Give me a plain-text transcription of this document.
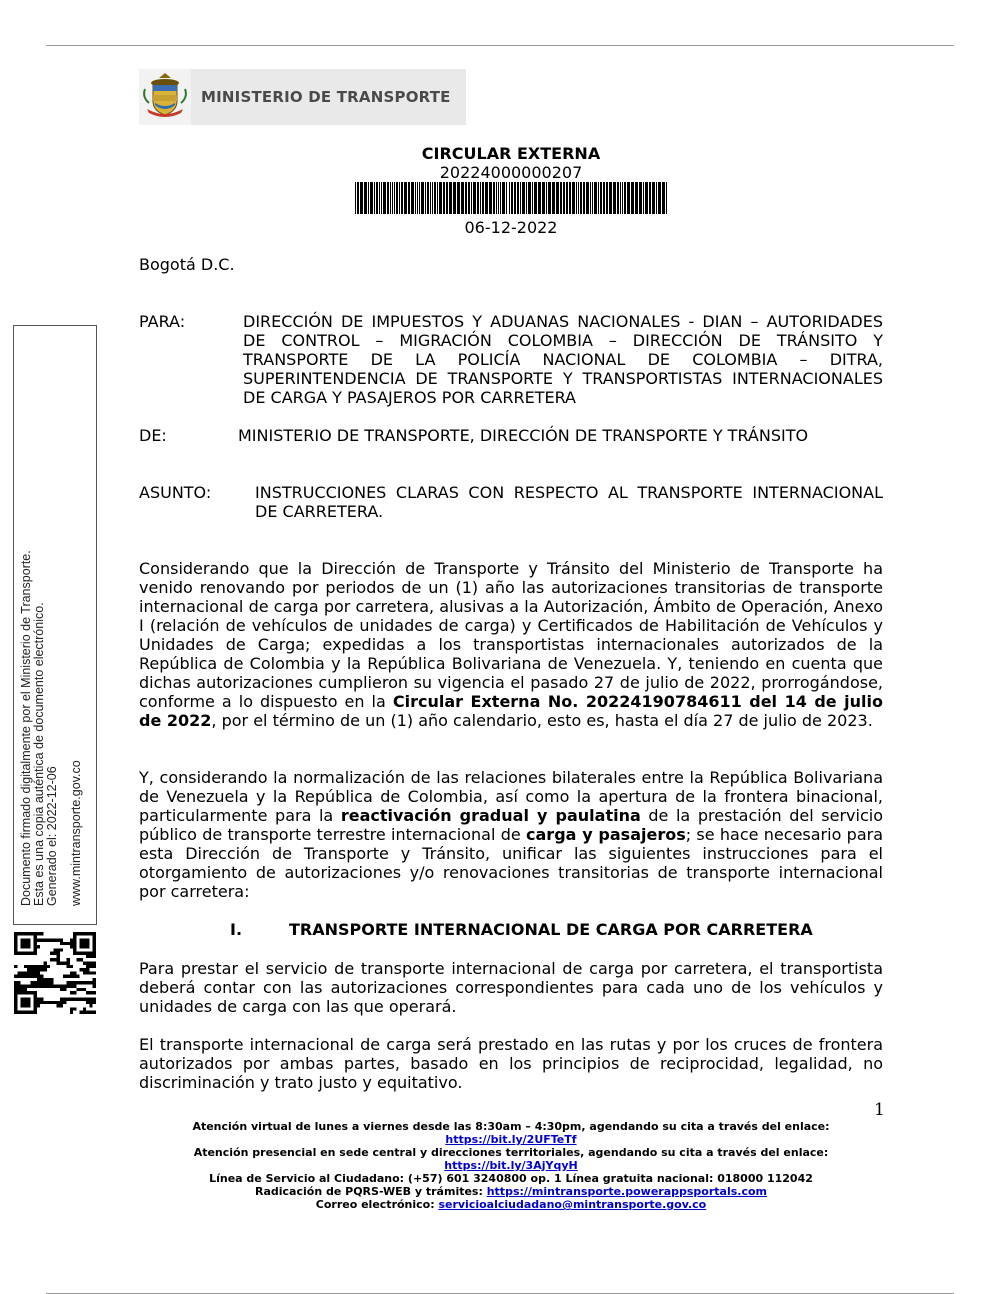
MINISTERIO DE TRANSPORTE
CIRCULAR EXTERNA
20224000000207
06-12-2022
Bogotá D.C.
PARA:	DIRECCIÓN DE IMPUESTOS Y ADUANAS NACIONALES - DIAN – AUTORIDADES DE CONTROL – MIGRACIÓN COLOMBIA – DIRECCIÓN DE TRÁNSITO Y TRANSPORTE DE LA POLICÍA NACIONAL DE COLOMBIA – DITRA, SUPERINTENDENCIA DE TRANSPORTE Y TRANSPORTISTAS INTERNACIONALES DE CARGA Y PASAJEROS POR CARRETERA
DE:	MINISTERIO DE TRANSPORTE, DIRECCIÓN DE TRANSPORTE Y TRÁNSITO
ASUNTO:	INSTRUCCIONES CLARAS CON RESPECTO AL TRANSPORTE INTERNACIONAL DE CARRETERA.
Considerando que la Dirección de Transporte y Tránsito del Ministerio de Transporte ha venido renovando por periodos de un (1) año las autorizaciones transitorias de transporte internacional de carga por carretera, alusivas a la Autorización, Ámbito de Operación, Anexo I (relación de vehículos de unidades de carga) y Certificados de Habilitación de Vehículos y Unidades de Carga; expedidas a los transportistas internacionales autorizados de la República de Colombia y la República Bolivariana de Venezuela. Y, teniendo en cuenta que dichas autorizaciones cumplieron su vigencia el pasado 27 de julio de 2022, prorrogándose, conforme a lo dispuesto en la Circular Externa No. 20224190784611 del 14 de julio de 2022, por el término de un (1) año calendario, esto es, hasta el día 27 de julio de 2023.
Y, considerando la normalización de las relaciones bilaterales entre la República Bolivariana de Venezuela y la República de Colombia, así como la apertura de la frontera binacional, particularmente para la reactivación gradual y paulatina de la prestación del servicio público de transporte terrestre internacional de carga y pasajeros; se hace necesario para esta Dirección de Transporte y Tránsito, unificar las siguientes instrucciones para el otorgamiento de autorizaciones y/o renovaciones transitorias de transporte internacional por carretera:
I.	TRANSPORTE INTERNACIONAL DE CARGA POR CARRETERA
Para prestar el servicio de transporte internacional de carga por carretera, el transportista deberá contar con las autorizaciones correspondientes para cada uno de los vehículos y unidades de carga con las que operará.
El transporte internacional de carga será prestado en las rutas y por los cruces de frontera autorizados por ambas partes, basado en los principios de reciprocidad, legalidad, no discriminación y trato justo y equitativo.
Documento firmado digitalmente por el Ministerio de Transporte. Esta es una copia auténtica de documento electrónico. Generado el: 2022-12-06 www.mintransporte.gov.co
1
Atención virtual de lunes a viernes desde las 8:30am – 4:30pm, agendando su cita a través del enlace:
https://bit.ly/2UFTeTf
Atención presencial en sede central y direcciones territoriales, agendando su cita a través del enlace:
https://bit.ly/3AjYqyH
Línea de Servicio al Ciudadano: (+57) 601 3240800 op. 1 Línea gratuita nacional: 018000 112042
Radicación de PQRS-WEB y trámites: https://mintransporte.powerappsportals.com
Correo electrónico: servicioalciudadano@mintransporte.gov.co
